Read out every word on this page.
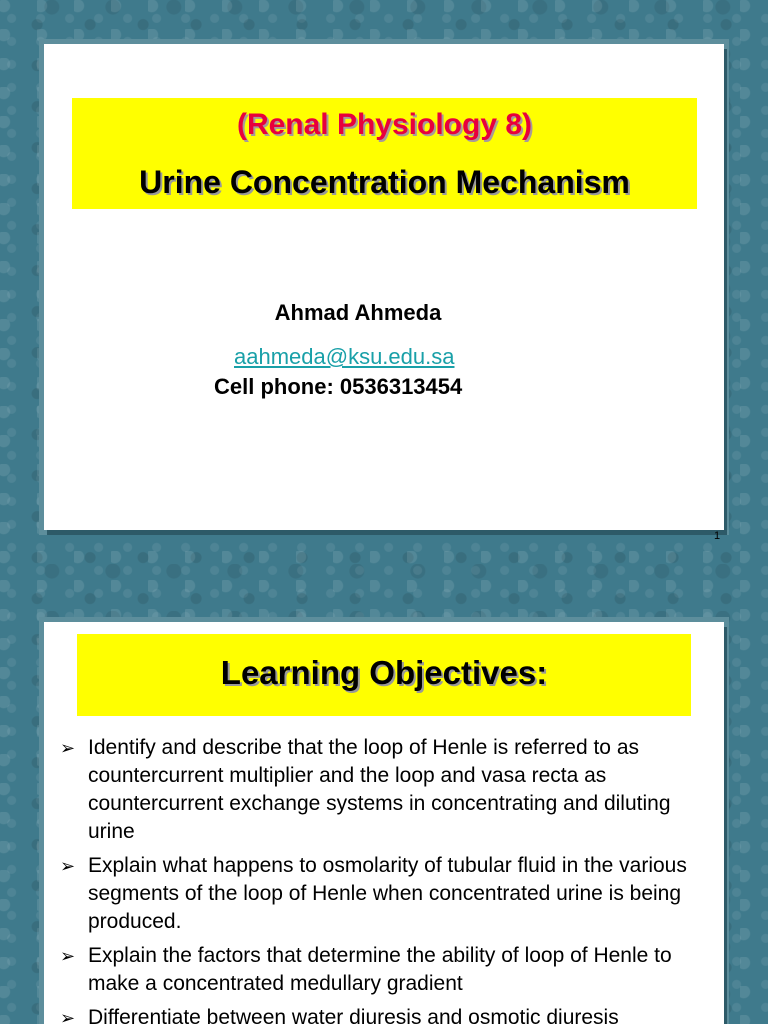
(Renal Physiology 8)
Urine Concentration Mechanism
Ahmad Ahmeda
aahmeda@ksu.edu.sa
Cell phone: 0536313454
1
Learning Objectives:
➢ Identify and describe that the loop of Henle is referred to as countercurrent multiplier and the loop and vasa recta as countercurrent exchange systems in concentrating and diluting urine
➢ Explain what happens to osmolarity of tubular fluid in the various segments of the loop of Henle when concentrated urine is being produced.
➢ Explain the factors that determine the ability of loop of Henle to make a concentrated medullary gradient
➢ Differentiate between water diuresis and osmotic diuresis
